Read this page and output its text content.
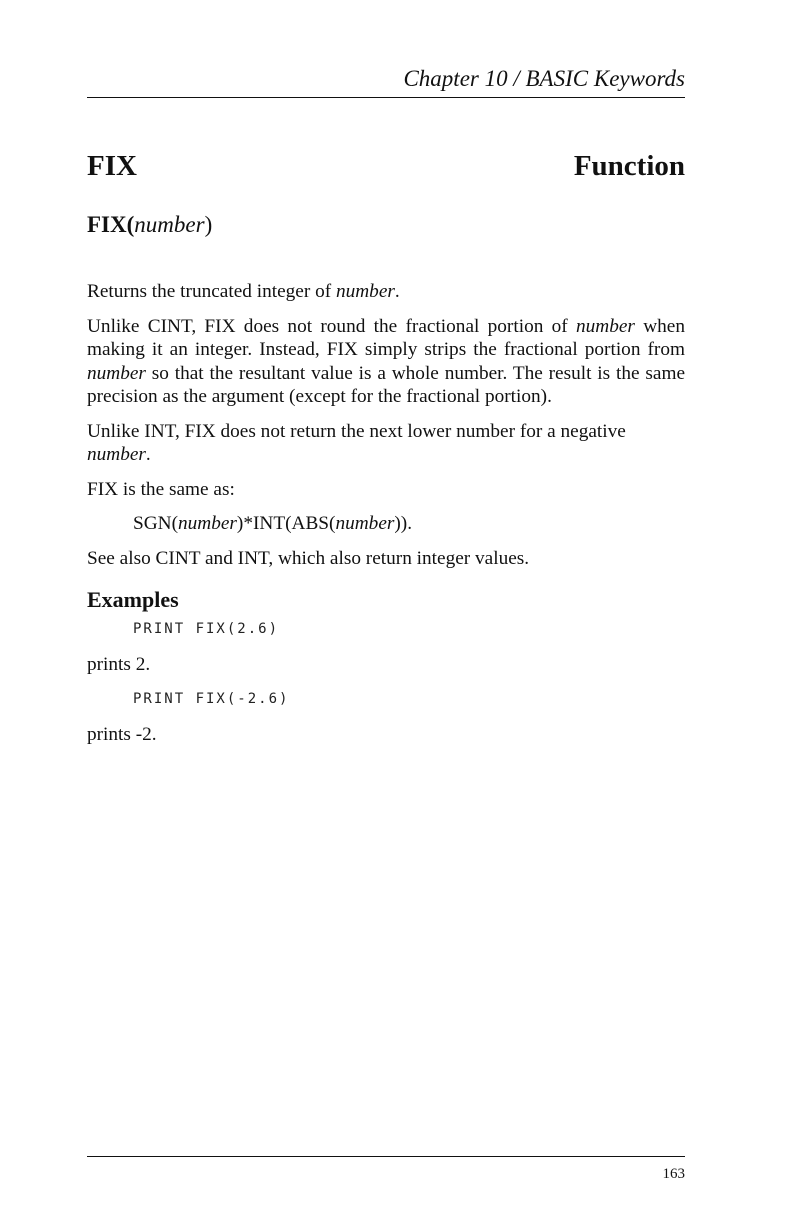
Chapter 10 / BASIC Keywords
FIX	Function
FIX(number)

Returns the truncated integer of number.

Unlike CINT, FIX does not round the fractional portion of number when making it an integer. Instead, FIX simply strips the fractional portion from number so that the resultant value is a whole number. The result is the same precision as the argument (except for the fractional portion).

Unlike INT, FIX does not return the next lower number for a negative number.

FIX is the same as:

SGN(number)*INT(ABS(number)).

See also CINT and INT, which also return integer values.

Examples
PRINT FIX(2.6)

prints 2.

PRINT FIX(-2.6)

prints -2.

163
